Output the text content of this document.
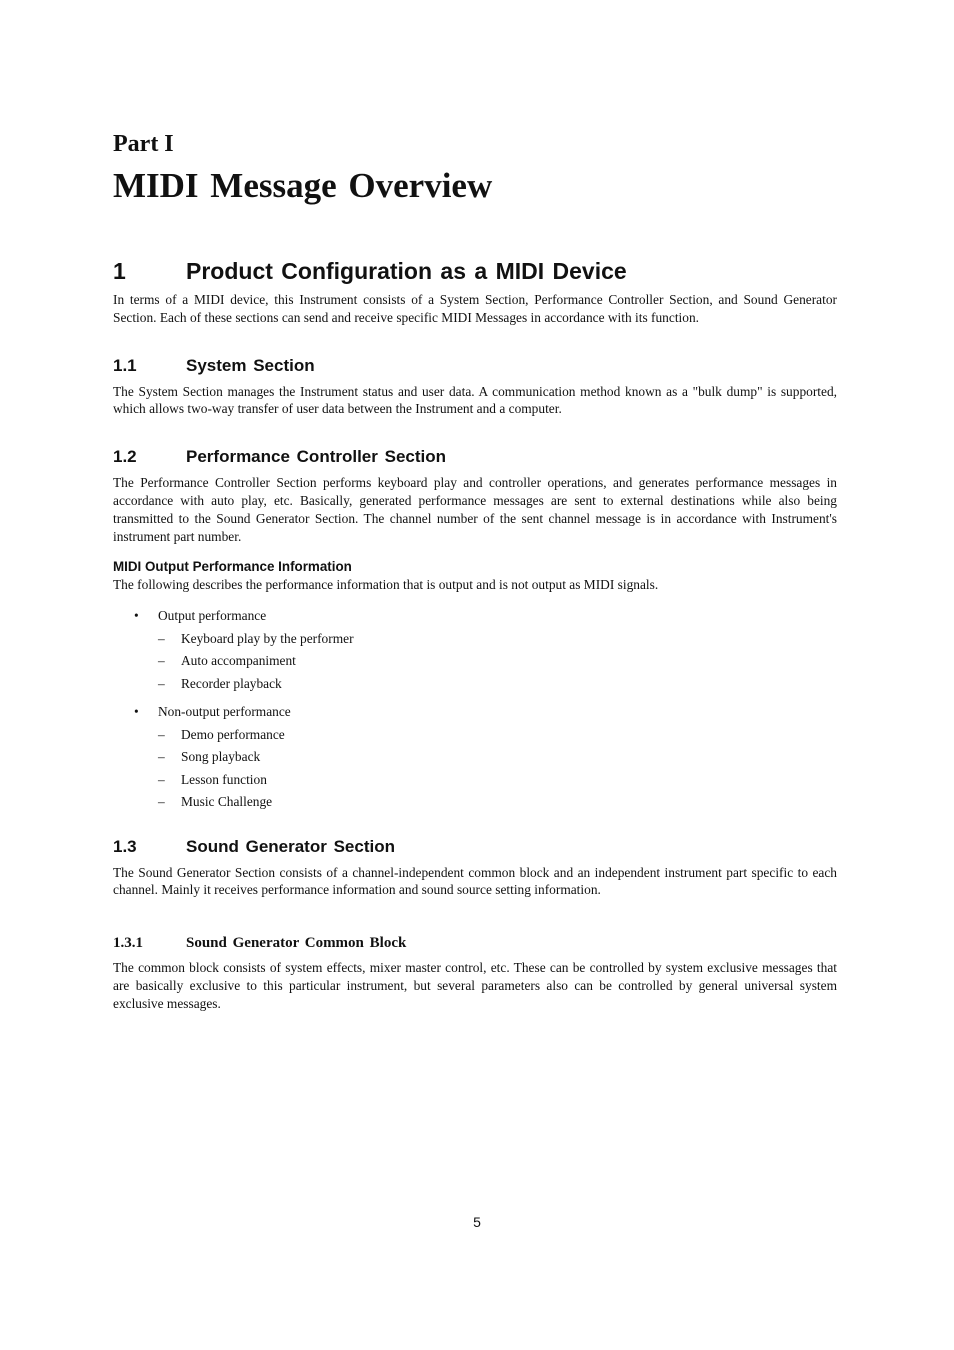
Part I
MIDI Message Overview
1	Product Configuration as a MIDI Device

In terms of a MIDI device, this Instrument consists of a System Section, Performance Controller Section, and Sound Generator Section. Each of these sections can send and receive specific MIDI Messages in accordance with its function.

1.1	System Section

The System Section manages the Instrument status and user data. A communication method known as a "bulk dump" is supported, which allows two-way transfer of user data between the Instrument and a computer.

1.2	Performance Controller Section

The Performance Controller Section performs keyboard play and controller operations, and generates performance messages in accordance with auto play, etc. Basically, generated performance messages are sent to external destinations while also being transmitted to the Sound Generator Section. The channel number of the sent channel message is in accordance with Instrument's instrument part number.

MIDI Output Performance Information

The following describes the performance information that is output and is not output as MIDI signals.

• Output performance
– Keyboard play by the performer
– Auto accompaniment
– Recorder playback
• Non-output performance
– Demo performance
– Song playback
– Lesson function
– Music Challenge
1.3	Sound Generator Section

The Sound Generator Section consists of a channel-independent common block and an independent instrument part specific to each channel. Mainly it receives performance information and sound source setting information.

1.3.1	Sound Generator Common Block

The common block consists of system effects, mixer master control, etc. These can be controlled by system exclusive messages that are basically exclusive to this particular instrument, but several parameters also can be controlled by general universal system exclusive messages.

5
